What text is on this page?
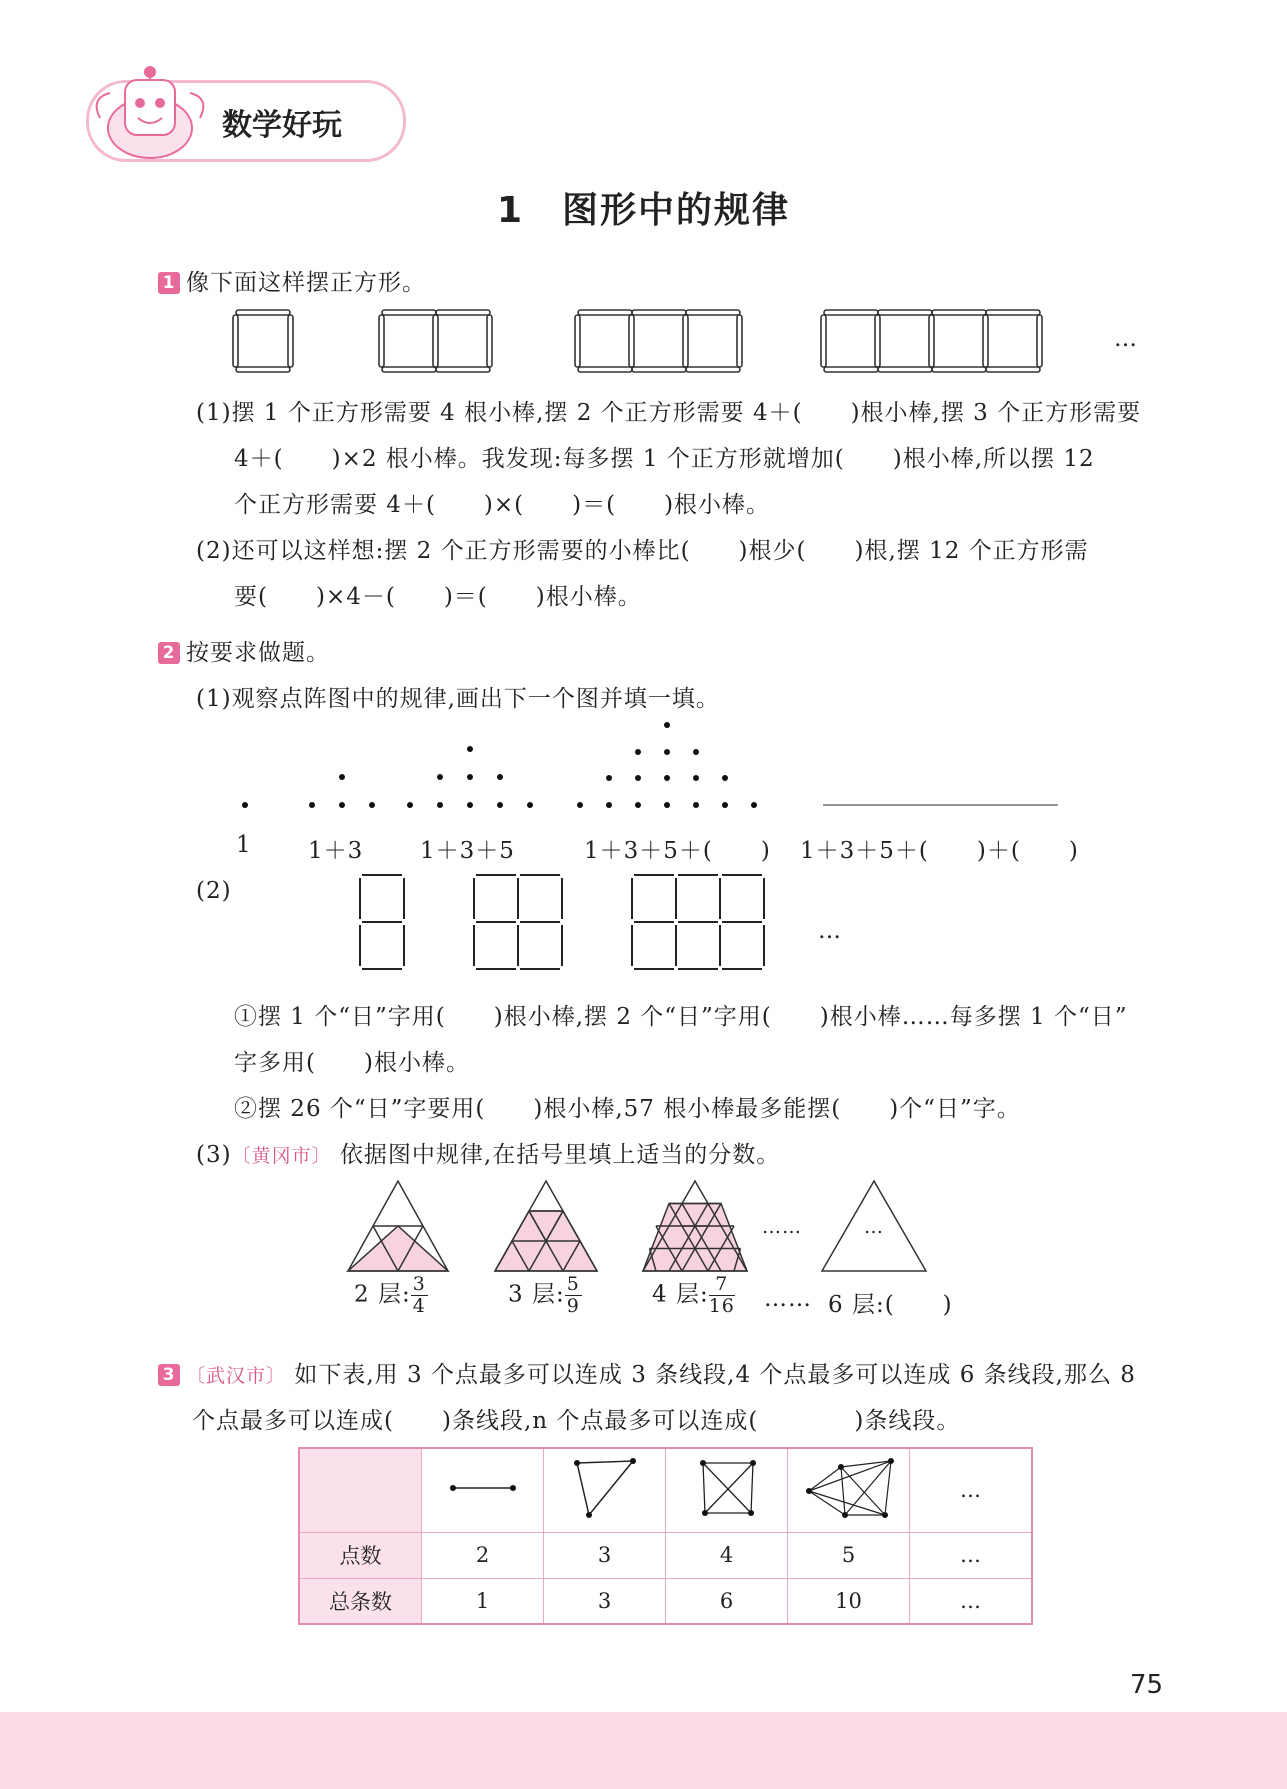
数学好玩
1　图形中的规律
1 像下面这样摆正方形。
…
(1)摆 1 个正方形需要 4 根小棒,摆 2 个正方形需要 4＋(　　)根小棒,摆 3 个正方形需要
4＋(　　)×2 根小棒。我发现:每多摆 1 个正方形就增加(　　)根小棒,所以摆 12
个正方形需要 4＋(　　)×(　　)＝(　　)根小棒。
(2)还可以这样想:摆 2 个正方形需要的小棒比(　　)根少(　　)根,摆 12 个正方形需
要(　　)×4－(　　)＝(　　)根小棒。
2 按要求做题。
(1)观察点阵图中的规律,画出下一个图并填一填。
1 1＋3 1＋3＋5	1＋3＋5＋(　　) 1＋3＋5＋(　　)＋(　　)
(2)
…
①摆 1 个“日”字用(　　)根小棒,摆 2 个“日”字用(　　)根小棒……每多摆 1 个“日”
字多用(　　)根小棒。
②摆 26 个“日”字要用(　　)根小棒,57 根小棒最多能摆(　　)个“日”字。
(3)〔黄冈市〕 依据图中规律,在括号里填上适当的分数。
……	…
2 层: $\frac{3}{4}$	3 层: $\frac{5}{9}$	4 层: $\frac{7}{16}$ …… 6 层:(　　)
3 〔武汉市〕 如下表,用 3 个点最多可以连成 3 条线段,4 个点最多可以连成 6 条线段,那么 8
个点最多可以连成(　　)条线段,n 个点最多可以连成(　　　　)条线段。
					…
点数	2	3	4	5	…
总条数	1	3	6	10	…
75
